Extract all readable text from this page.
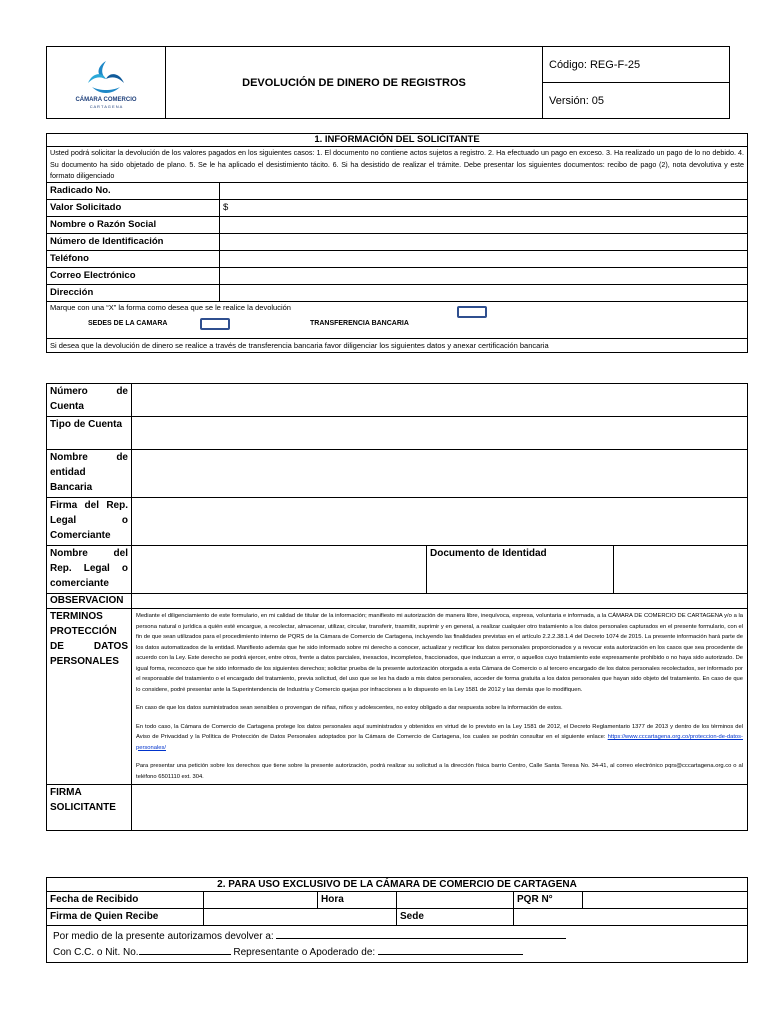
CÁMARA COMERCIO
C A R T A G E N A
	DEVOLUCIÓN DE DINERO DE REGISTROS	Código: REG-F-25
Versión: 05
1. INFORMACIÓN DEL SOLICITANTE	
Usted podrá solicitar la devolución de los valores pagados en los siguientes casos: 1. El documento no contiene actos sujetos a registro. 2. Ha efectuado un pago en exceso. 3. Ha realizado un pago de lo no debido. 4. Su documento ha sido objetado de plano. 5. Se le ha aplicado el desistimiento tácito. 6. Si ha desistido de realizar el trámite. Debe presentar los siguientes documentos: recibo de pago (2), nota devolutiva y este formato diligenciado	
Radicado No.	
Valor Solicitado	$
Nombre o Razón Social	
Número de Identificación	
Teléfono	
Correo Electrónico	
Dirección	

Marque con una “X” la forma como desea que se le realice la devolución
SEDES DE LA CAMARA TRANSFERENCIA BANCARIA	

Si desea que la devolución de dinero se realice a través de transferencia bancaria favor diligenciar los siguientes datos y anexar certificación bancaria	
Número de Cuenta			
Tipo de Cuenta			
Nombre de entidad Bancaria			
Firma del Rep. Legal o Comerciante			
Nombre del Rep. Legal o comerciante		Documento de Identidad	
OBSERVACION			
TERMINOS PROTECCIÓN DE DATOS PERSONALES	Mediante el diligenciamiento de este formulario, en mi calidad de titular de la información; manifiesto mi autorización de manera libre, inequívoca, expresa, voluntaria e informada, a la CÁMARA DE COMERCIO DE CARTAGENA y/o a la persona natural o jurídica a quién esté encargue, a recolectar, almacenar, utilizar, circular, transferir, trasmitir, suprimir y en general, a realizar cualquier otro tratamiento a los datos personales capturados en el presente formulario, con el fin de que sean utilizados para el procedimiento interno de PQRS de la Cámara de Comercio de Cartagena, incluyendo las finalidades previstas en el artículo 2.2.2.38.1.4 del Decreto 1074 de 2015. La presente información hará parte de los datos automatizados de la entidad. Manifiesto además que he sido informado sobre mi derecho a conocer, actualizar y rectificar los datos personales proporcionados y a revocar esta autorización en los casos que sea procedente de acuerdo con la Ley. Este derecho se podrá ejercer, entre otros, frente a datos parciales, inexactos, incompletos, fraccionados, que induzcan a error, o aquellos cuyo tratamiento este expresamente prohibido o no haya sido autorizado. De igual forma, reconozco que he sido informado de los siguientes derechos; solicitar prueba de la presente autorización otorgada a esta Cámara de Comercio o al tercero encargado de los datos personales recolectados, ser informado por el responsable del tratamiento o el encargado del tratamiento, previa solicitud, del uso que se les ha dado a mis datos personales, acceder de forma gratuita a los datos personales que hayan sido objeto del tratamiento. En caso de que lo considere, podré presentar ante la Superintendencia de Industria y Comercio quejas por infracciones a lo dispuesto en la Ley 1581 de 2012 y las demás que lo modifiquen.
En caso de que los datos suministrados sean sensibles o provengan de niñas, niños y adolescentes, no estoy obligado a dar respuesta sobre la información de estos.
En todo caso, la Cámara de Comercio de Cartagena protege los datos personales aquí suministrados y obtenidos en virtud de lo previsto en la Ley 1581 de 2012, el Decreto Reglamentario 1377 de 2013 y dentro de los términos del Aviso de Privacidad y la Política de Protección de Datos Personales adoptados por la Cámara de Comercio de Cartagena, los cuales se podrán consultar en el siguiente enlace: https://www.cccartagena.org.co/proteccion-de-datos-personales/
Para presentar una petición sobre los derechos que tiene sobre la presente autorización, podrá realizar su solicitud a la dirección física barrio Centro, Calle Santa Teresa No. 34-41, al correo electrónico pqrs@cccartagena.org.co o al teléfono 6501110 ext. 304.		

FIRMA SOLICITANTE			
2. PARA USO EXCLUSIVO DE LA CÁMARA DE COMERCIO DE CARTAGENA					
Fecha de Recibido		Hora		PQR N°	
Firma de Quien Recibe			Sede		

Por medio de la presente autorizamos devolver a:
Con C.C. o Nit. No. Representante o Apoderado de:					
